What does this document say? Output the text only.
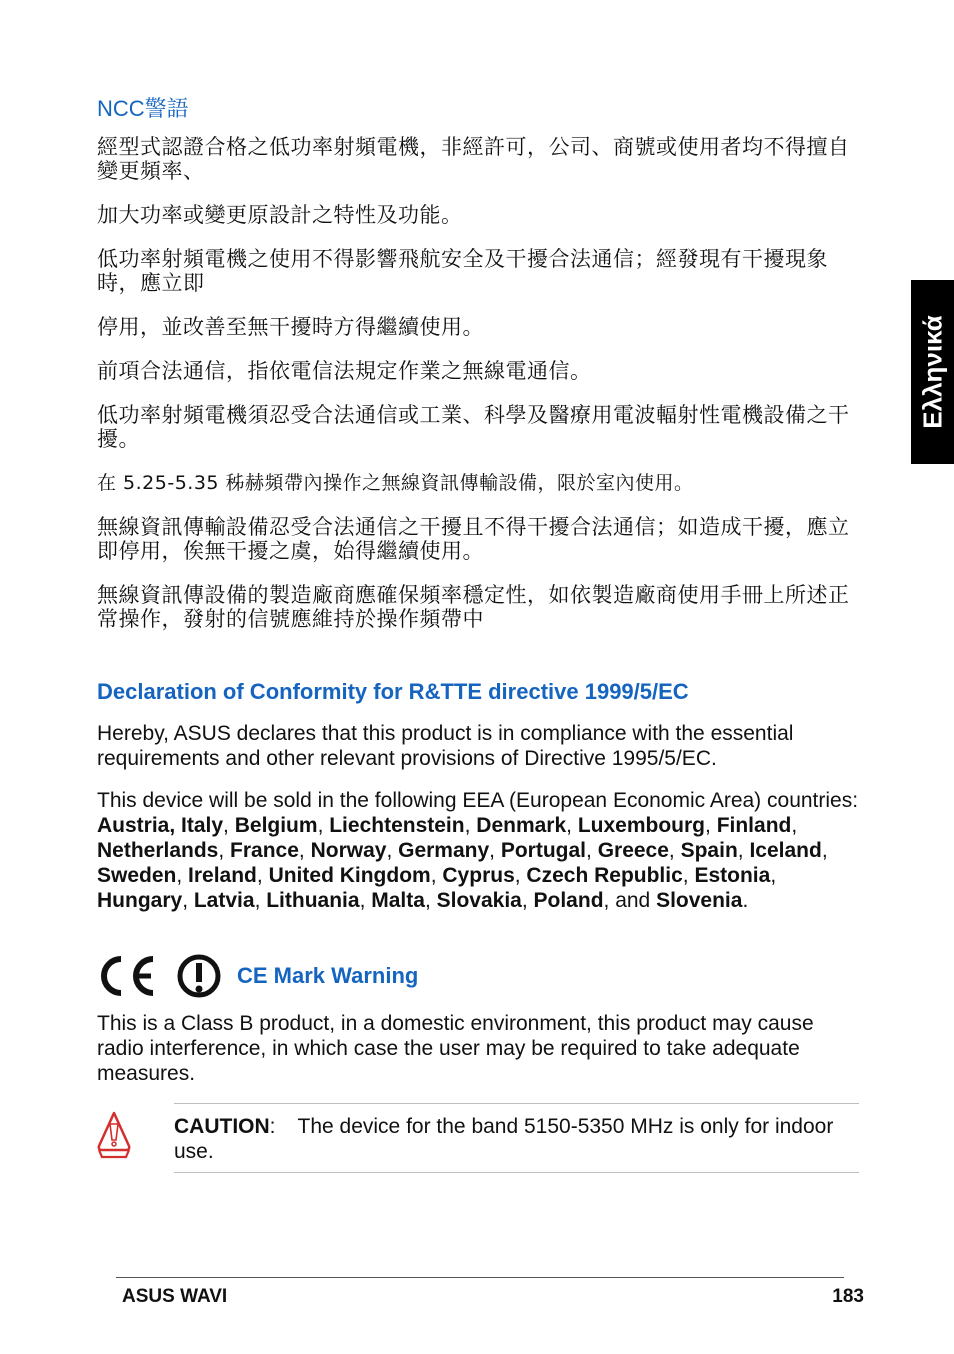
NCC警語

經型式認證合格之低功率射頻電機，非經許可，公司、商號或使用者均不得擅自變更頻率、

加大功率或變更原設計之特性及功能。

低功率射頻電機之使用不得影響飛航安全及干擾合法通信；經發現有干擾現象時，應立即

停用，並改善至無干擾時方得繼續使用。

前項合法通信，指依電信法規定作業之無線電通信。

低功率射頻電機須忍受合法通信或工業、科學及醫療用電波輻射性電機設備之干擾。

在 5.25-5.35 秭赫頻帶內操作之無線資訊傳輸設備，限於室內使用。

無線資訊傳輸設備忍受合法通信之干擾且不得干擾合法通信；如造成干擾，應立即停用，俟無干擾之虞，始得繼續使用。

無線資訊傳設備的製造廠商應確保頻率穩定性，如依製造廠商使用手冊上所述正常操作，發射的信號應維持於操作頻帶中

Declaration of Conformity for R&TTE directive 1999/5/EC

Hereby, ASUS declares that this product is in compliance with the essential requirements and other relevant provisions of Directive 1995/5/EC.

This device will be sold in the following EEA (European Economic Area) countries: Austria, Italy, Belgium, Liechtenstein, Denmark, Luxembourg, Finland, Netherlands, France, Norway, Germany, Portugal, Greece, Spain, Iceland, Sweden, Ireland, United Kingdom, Cyprus, Czech Republic, Estonia, Hungary, Latvia, Lithuania, Malta, Slovakia, Poland, and Slovenia.

CE Mark Warning

This is a Class B product, in a domestic environment, this product may cause radio interference, in which case the user may be required to take adequate measures.

CAUTION: The device for the band 5150-5350 MHz is only for indoor use.

Ελληνικά
ASUS WAVI	183
